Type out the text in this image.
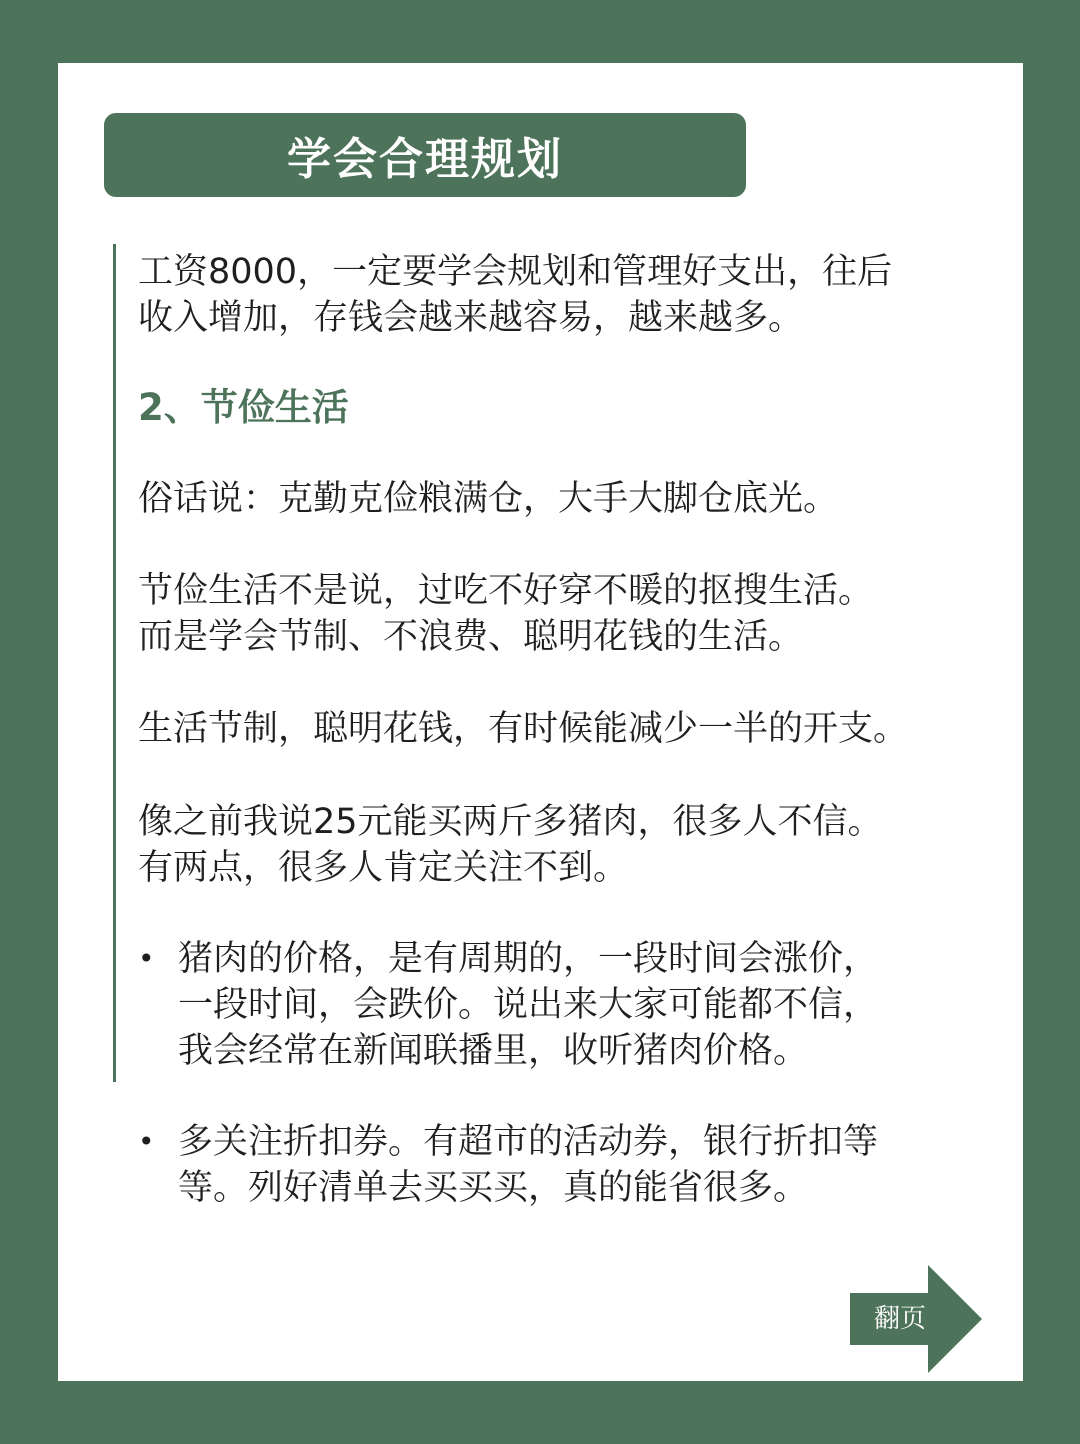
学会合理规划

工资8000，一定要学会规划和管理好支出，往后
收入增加，存钱会越来越容易，越来越多。

2、节俭生活

俗话说：克勤克俭粮满仓，大手大脚仓底光。

节俭生活不是说，过吃不好穿不暖的抠搜生活。
而是学会节制、不浪费、聪明花钱的生活。

生活节制，聪明花钱，有时候能减少一半的开支。

像之前我说25元能买两斤多猪肉，很多人不信。
有两点，很多人肯定关注不到。

• 猪肉的价格，是有周期的，一段时间会涨价，
一段时间，会跌价。说出来大家可能都不信，
我会经常在新闻联播里，收听猪肉价格。
• 多关注折扣券。有超市的活动券，银行折扣等
等。列好清单去买买买，真的能省很多。
翻页
